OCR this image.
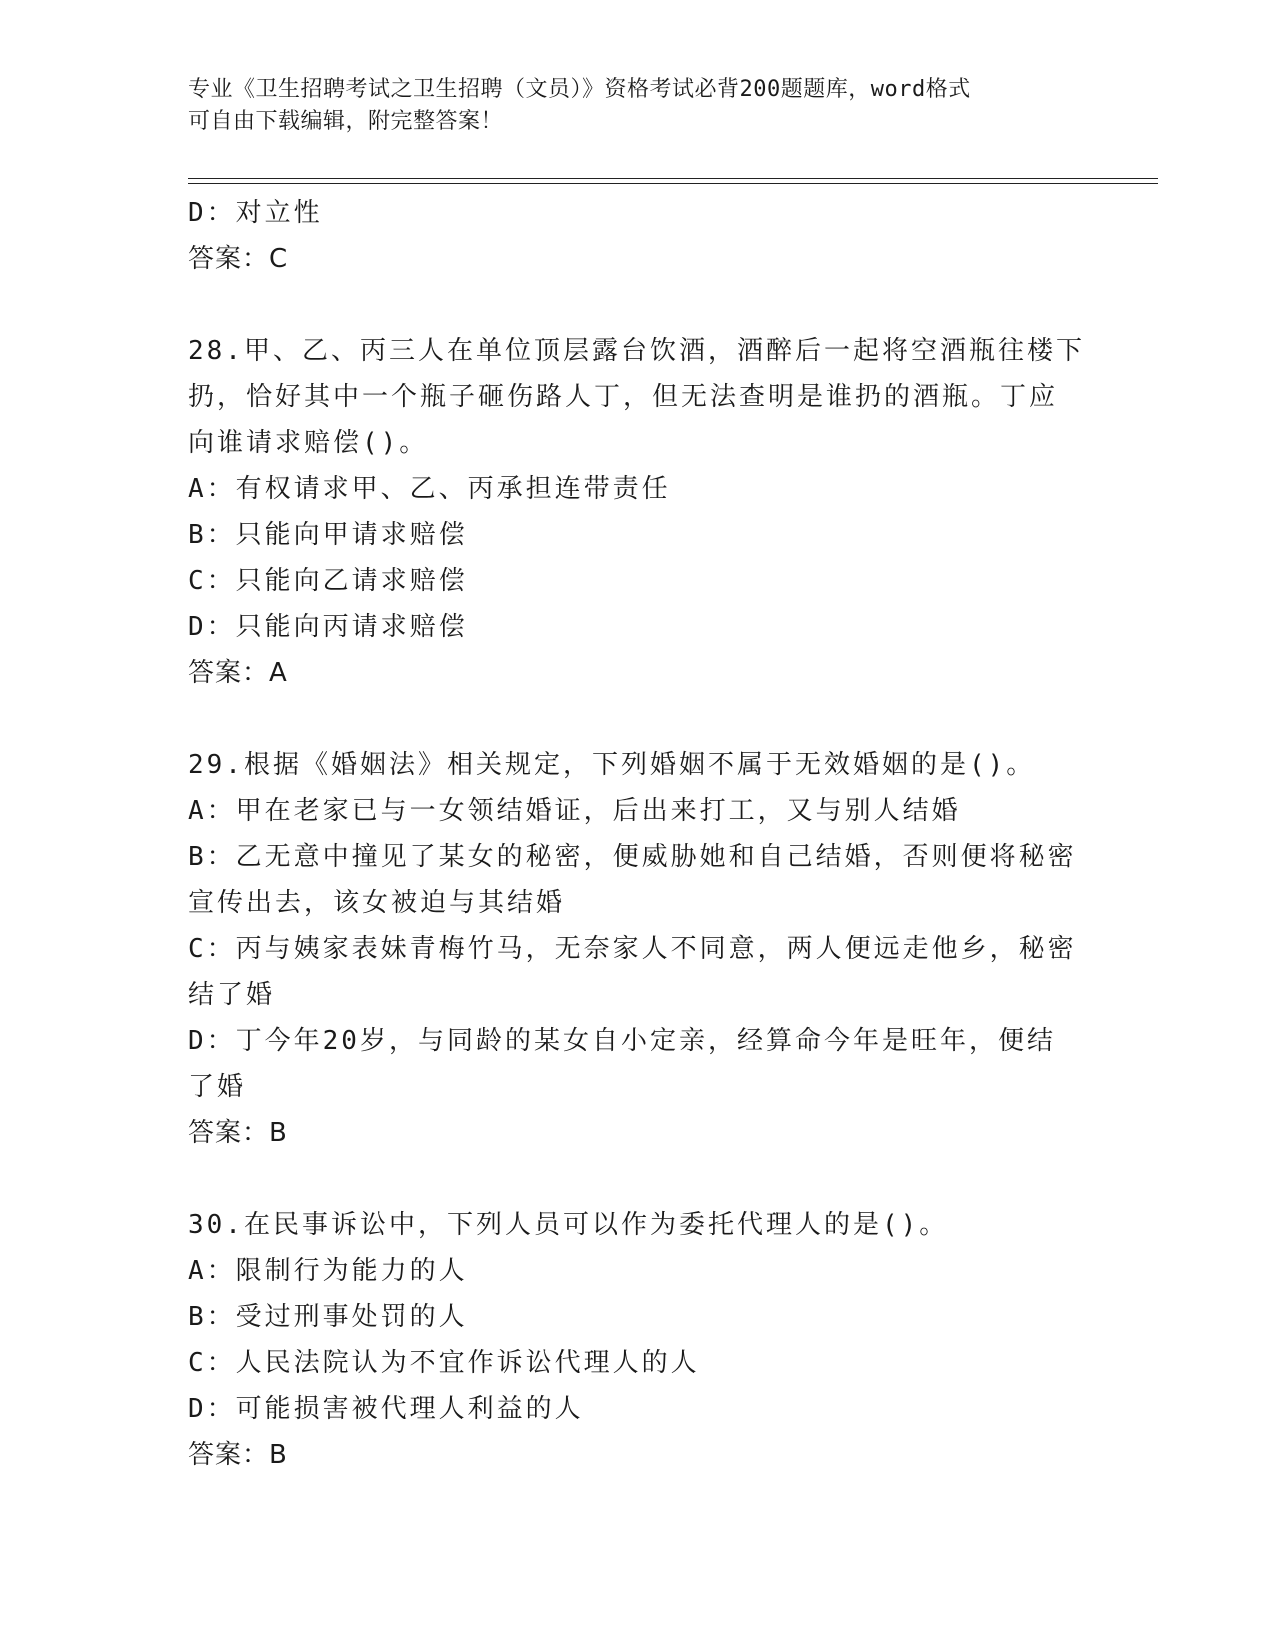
专业《卫生招聘考试之卫生招聘（文员）》资格考试必背200题题库，word格式
可自由下载编辑，附完整答案！

D：对立性

答案：C

28.甲、乙、丙三人在单位顶层露台饮酒，酒醉后一起将空酒瓶往楼下

扔，恰好其中一个瓶子砸伤路人丁，但无法查明是谁扔的酒瓶。丁应

向谁请求赔偿()。

A：有权请求甲、乙、丙承担连带责任

B：只能向甲请求赔偿

C：只能向乙请求赔偿

D：只能向丙请求赔偿

答案：A

29.根据《婚姻法》相关规定，下列婚姻不属于无效婚姻的是()。

A：甲在老家已与一女领结婚证，后出来打工，又与别人结婚

B：乙无意中撞见了某女的秘密，便威胁她和自己结婚，否则便将秘密

宣传出去，该女被迫与其结婚

C：丙与姨家表妹青梅竹马，无奈家人不同意，两人便远走他乡，秘密

结了婚

D：丁今年20岁，与同龄的某女自小定亲，经算命今年是旺年，便结

了婚

答案：B

30.在民事诉讼中，下列人员可以作为委托代理人的是()。

A：限制行为能力的人

B：受过刑事处罚的人

C：人民法院认为不宜作诉讼代理人的人

D：可能损害被代理人利益的人

答案：B
